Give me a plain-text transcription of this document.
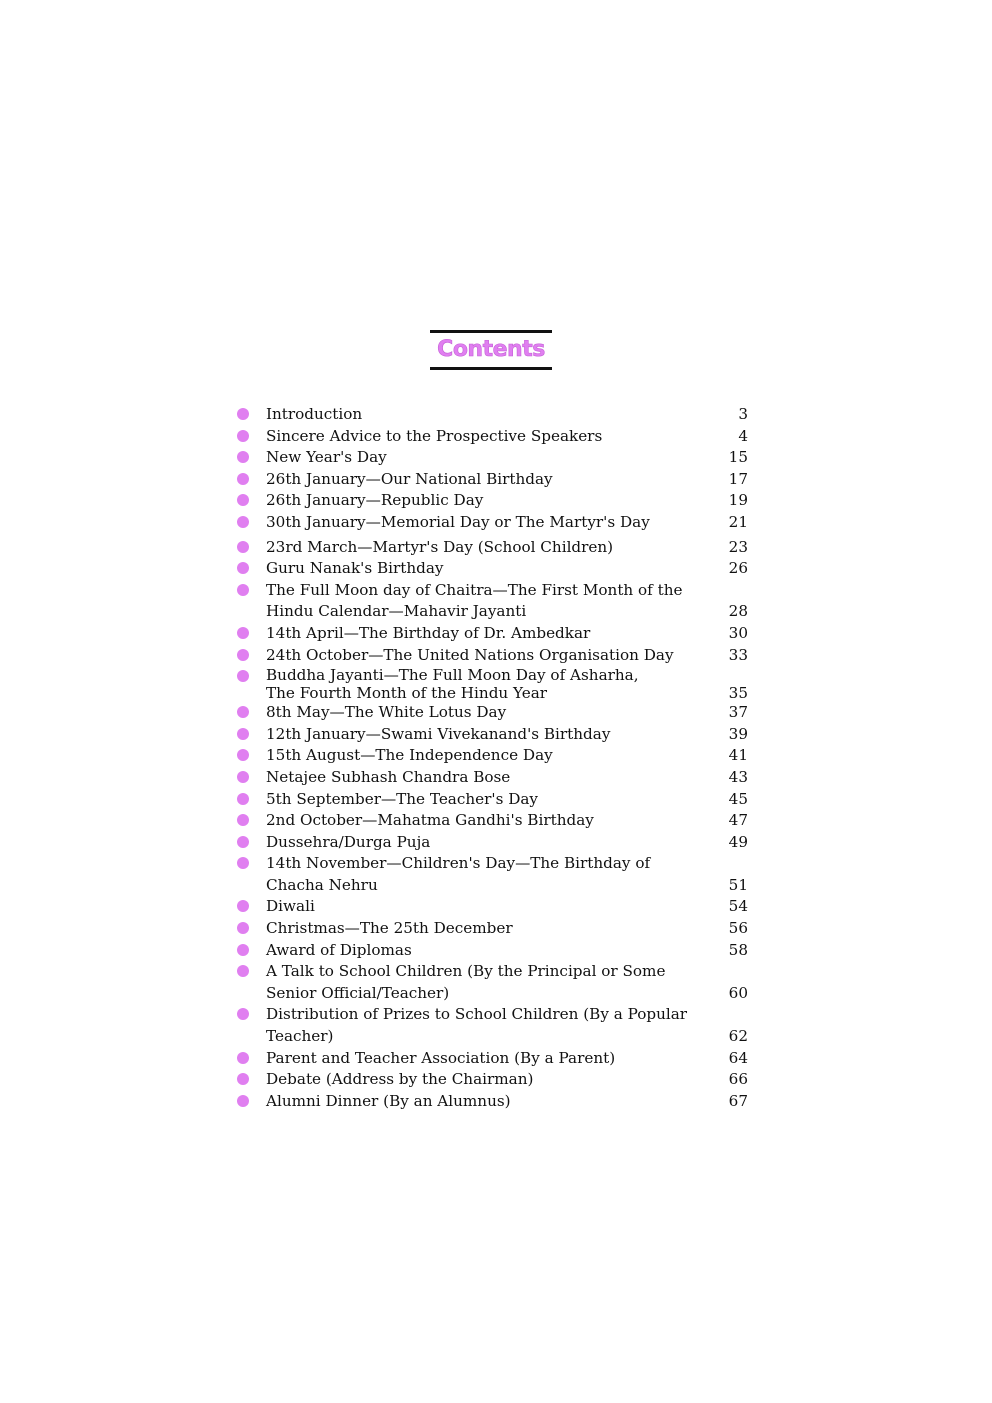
Contents
Introduction	3
Sincere Advice to the Prospective Speakers	4
New Year's Day	15
26th January—Our National Birthday	17
26th January—Republic Day	19
30th January—Memorial Day or The Martyr's Day	21
23rd March—Martyr's Day (School Children)	23
Guru Nanak's Birthday	26
The Full Moon day of Chaitra—The First Month of the
Hindu Calendar—Mahavir Jayanti	28
14th April—The Birthday of Dr. Ambedkar	30
24th October—The United Nations Organisation Day	33
Buddha Jayanti—The Full Moon Day of Asharha,
The Fourth Month of the Hindu Year	35
8th May—The White Lotus Day	37
12th January—Swami Vivekanand's Birthday	39
15th August—The Independence Day	41
Netajee Subhash Chandra Bose	43
5th September—The Teacher's Day	45
2nd October—Mahatma Gandhi's Birthday	47
Dussehra/Durga Puja	49
14th November—Children's Day—The Birthday of
Chacha Nehru	51
Diwali	54
Christmas—The 25th December	56
Award of Diplomas	58
A Talk to School Children (By the Principal or Some
Senior Official/Teacher)	60
Distribution of Prizes to School Children (By a Popular
Teacher)	62
Parent and Teacher Association (By a Parent)	64
Debate (Address by the Chairman)	66
Alumni Dinner (By an Alumnus)	67
